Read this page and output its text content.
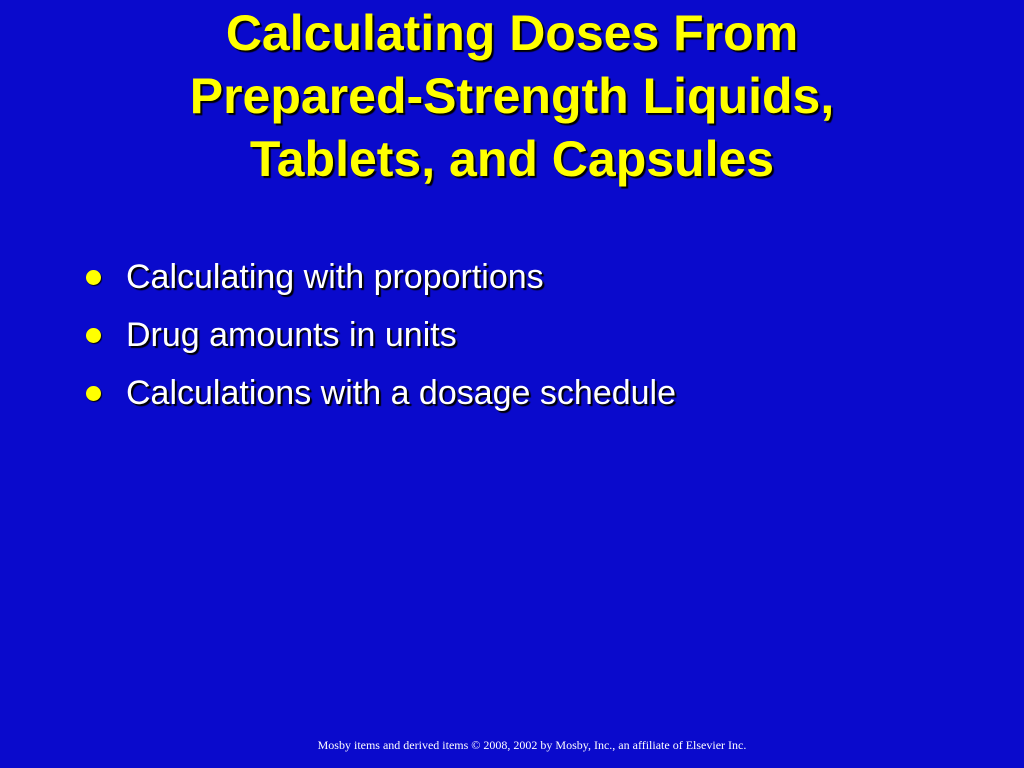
Calculating Doses From
Prepared-Strength Liquids,
Tablets, and Capsules
Calculating with proportions
Drug amounts in units
Calculations with a dosage schedule
Mosby items and derived items © 2008, 2002 by Mosby, Inc., an affiliate of Elsevier Inc.
